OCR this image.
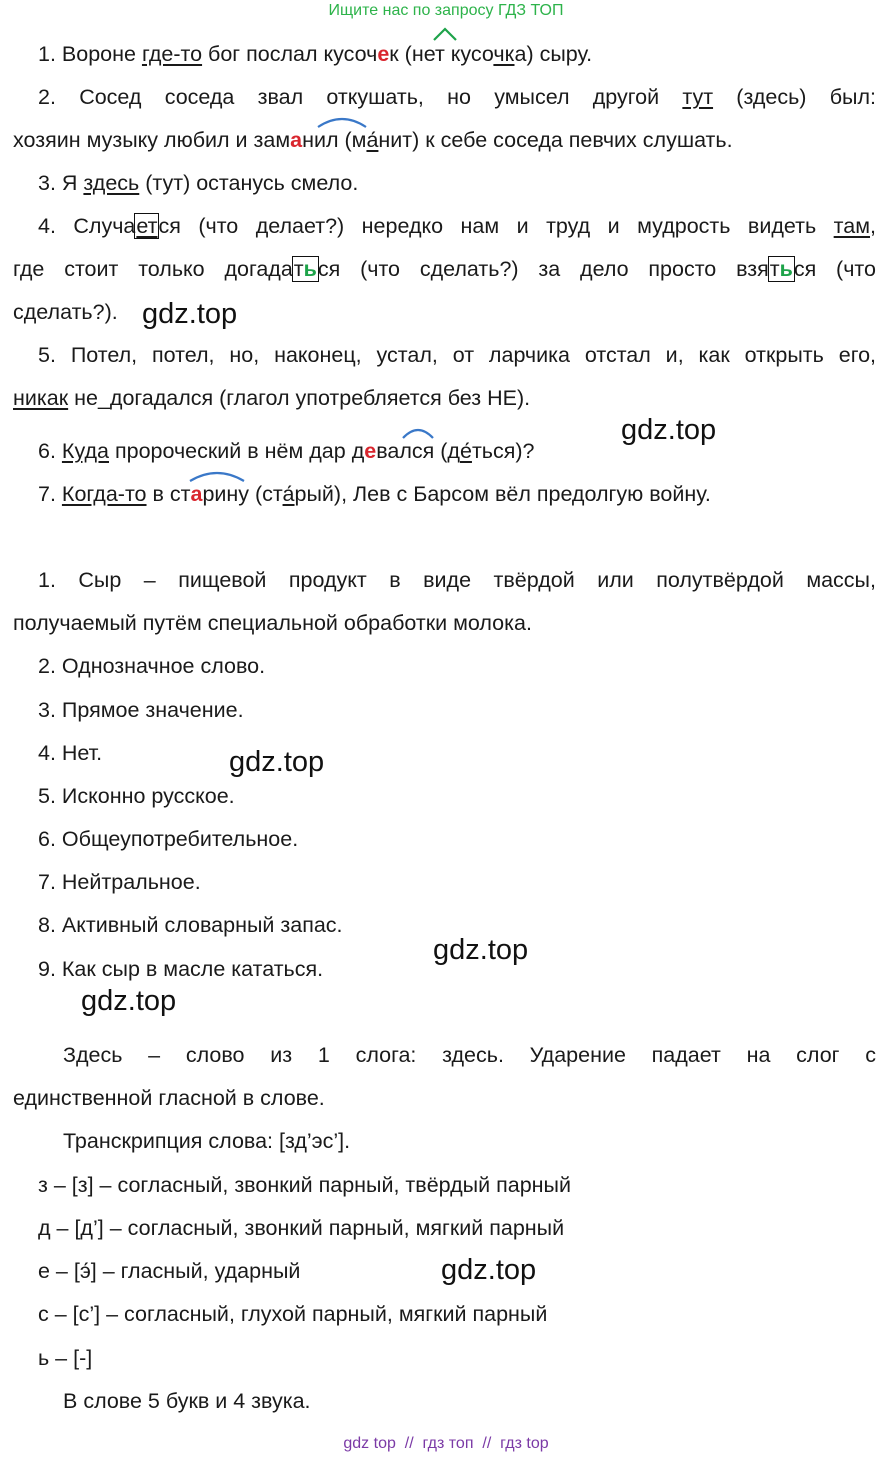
Ищите нас по запросу ГДЗ ТОП
1. Вороне где-то бог послал кусочек (нет кусочка) сыру.
2. Сосед соседа звал откушать, но умысел другой тут (здесь) был:
хозяин музыку любил и заманил (ма́нит) к себе соседа певчих слушать.
3. Я здесь (тут) останусь смело.
4. Случается (что делает?) нередко нам и труд и мудрость видеть там,
где стоит только догадаться (что сделать?) за дело просто взяться (что
сделать?). gdz.top
5. Потел, потел, но, наконец, устал, от ларчика отстал и, как открыть его,
никак не_догадался (глагол употребляется без НЕ).
gdz.top
6. Куда пророческий в нём дар девался (де́ться)?
7. Когда-то в старину (ста́рый), Лев с Барсом вёл предолгую войну.
1. Сыр – пищевой продукт в виде твёрдой или полутвёрдой массы,
получаемый путём специальной обработки молока.
2. Однозначное слово.
3. Прямое значение.
4. Нет.	gdz.top
5. Исконно русское.
6. Общеупотребительное.
7. Нейтральное.
8. Активный словарный запас.
gdz.top
9. Как сыр в масле кататься.
gdz.top
Здесь – слово из 1 слога: здесь. Ударение падает на слог с
единственной гласной в слове.
Транскрипция слова: [зд’эс’].
з – [з] – согласный, звонкий парный, твёрдый парный
д – [д’] – согласный, звонкий парный, мягкий парный
е – [э́] – гласный, ударный	gdz.top
с – [с’] – согласный, глухой парный, мягкий парный
ь – [-]
В слове 5 букв и 4 звука.
gdz top  //  гдз топ  //  гдз top
